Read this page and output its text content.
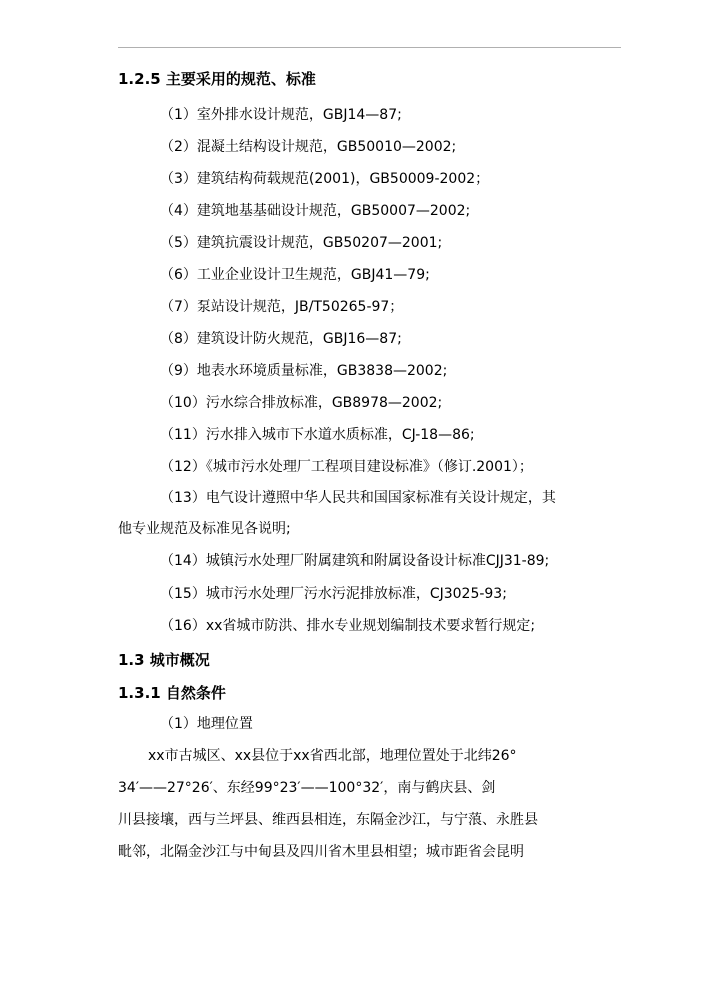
1.2.5 主要采用的规范、标准
（1）室外排水设计规范，GBJ14—87;
（2）混凝土结构设计规范，GB50010—2002;
（3）建筑结构荷载规范(2001)，GB50009-2002；
（4）建筑地基基础设计规范，GB50007—2002;
（5）建筑抗震设计规范，GB50207—2001;
（6）工业企业设计卫生规范，GBJ41—79;
（7）泵站设计规范，JB/T50265-97；
（8）建筑设计防火规范，GBJ16—87;
（9）地表水环境质量标准，GB3838—2002;
（10）污水综合排放标准，GB8978—2002;
（11）污水排入城市下水道水质标准，CJ-18—86;
（12）《城市污水处理厂工程项目建设标准》（修订.2001）；
（13）电气设计遵照中华人民共和国国家标准有关设计规定，其
他专业规范及标准见各说明;
（14）城镇污水处理厂附属建筑和附属设备设计标准CJJ31-89;
（15）城市污水处理厂污水污泥排放标准，CJ3025-93;
（16）xx省城市防洪、排水专业规划编制技术要求暂行规定;
1.3 城市概况
1.3.1 自然条件
（1）地理位置
xx市古城区、xx县位于xx省西北部，地理位置处于北纬26°
34′——27°26′、东经99°23′——100°32′，南与鹤庆县、剑
川县接壤，西与兰坪县、维西县相连，东隔金沙江，与宁蒗、永胜县
毗邻，北隔金沙江与中甸县及四川省木里县相望；城市距省会昆明
